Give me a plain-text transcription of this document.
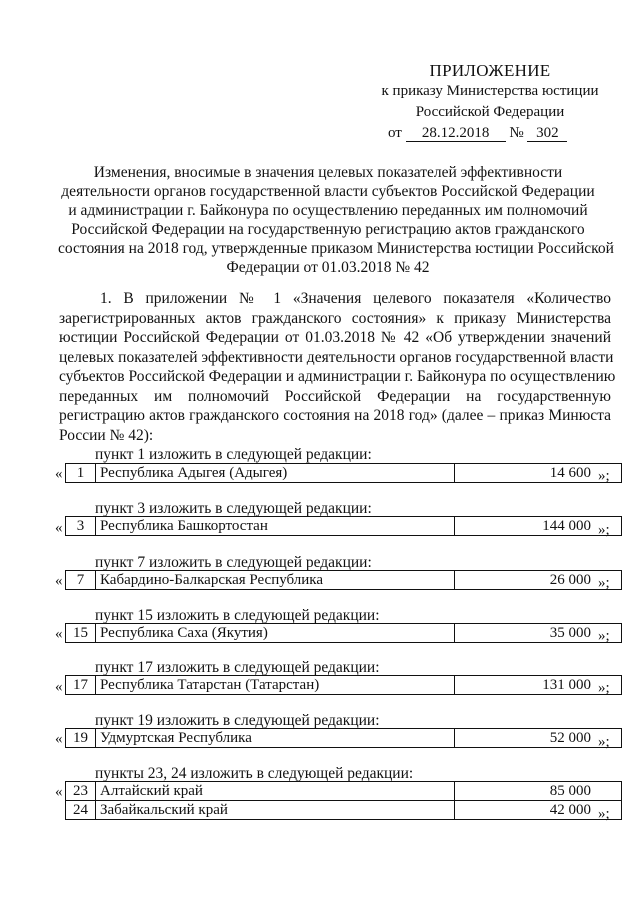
ПРИЛОЖЕНИЕ
к приказу Министерства юстиции
Российской Федерации
от 28.12.2018 № 302
Изменения, вносимые в значения целевых показателей эффективности
деятельности органов государственной власти субъектов Российской Федерации
и администрации г. Байконура по осуществлению переданных им полномочий
Российской Федерации на государственную регистрацию актов гражданского
состояния на 2018 год, утвержденные приказом Министерства юстиции Российской
Федерации от 01.03.2018 № 42
1. В приложении № 1 «Значения целевого показателя «Количество
зарегистрированных актов гражданского состояния» к приказу Министерства
юстиции Российской Федерации от 01.03.2018 № 42 «Об утверждении значений
целевых показателей эффективности деятельности органов государственной власти
субъектов Российской Федерации и администрации г. Байконура по осуществлению
переданных им полномочий Российской Федерации на государственную
регистрацию актов гражданского состояния на 2018 год» (далее – приказ Минюста
России № 42):
пункт 1 изложить в следующей редакции:
« 1	Республика Адыгея (Адыгея)	14 600 »;
пункт 3 изложить в следующей редакции:
« 3	Республика Башкортостан	144 000 »;
пункт 7 изложить в следующей редакции:
« 7	Кабардино-Балкарская Республика	26 000 »;
пункт 15 изложить в следующей редакции:
« 15	Республика Саха (Якутия)	35 000 »;
пункт 17 изложить в следующей редакции:
« 17	Республика Татарстан (Татарстан)	131 000 »;
пункт 19 изложить в следующей редакции:
« 19	Удмуртская Республика	52 000 »;
пункты 23, 24 изложить в следующей редакции:
« 23	Алтайский край	85 000
24	Забайкальский край	42 000 »;
